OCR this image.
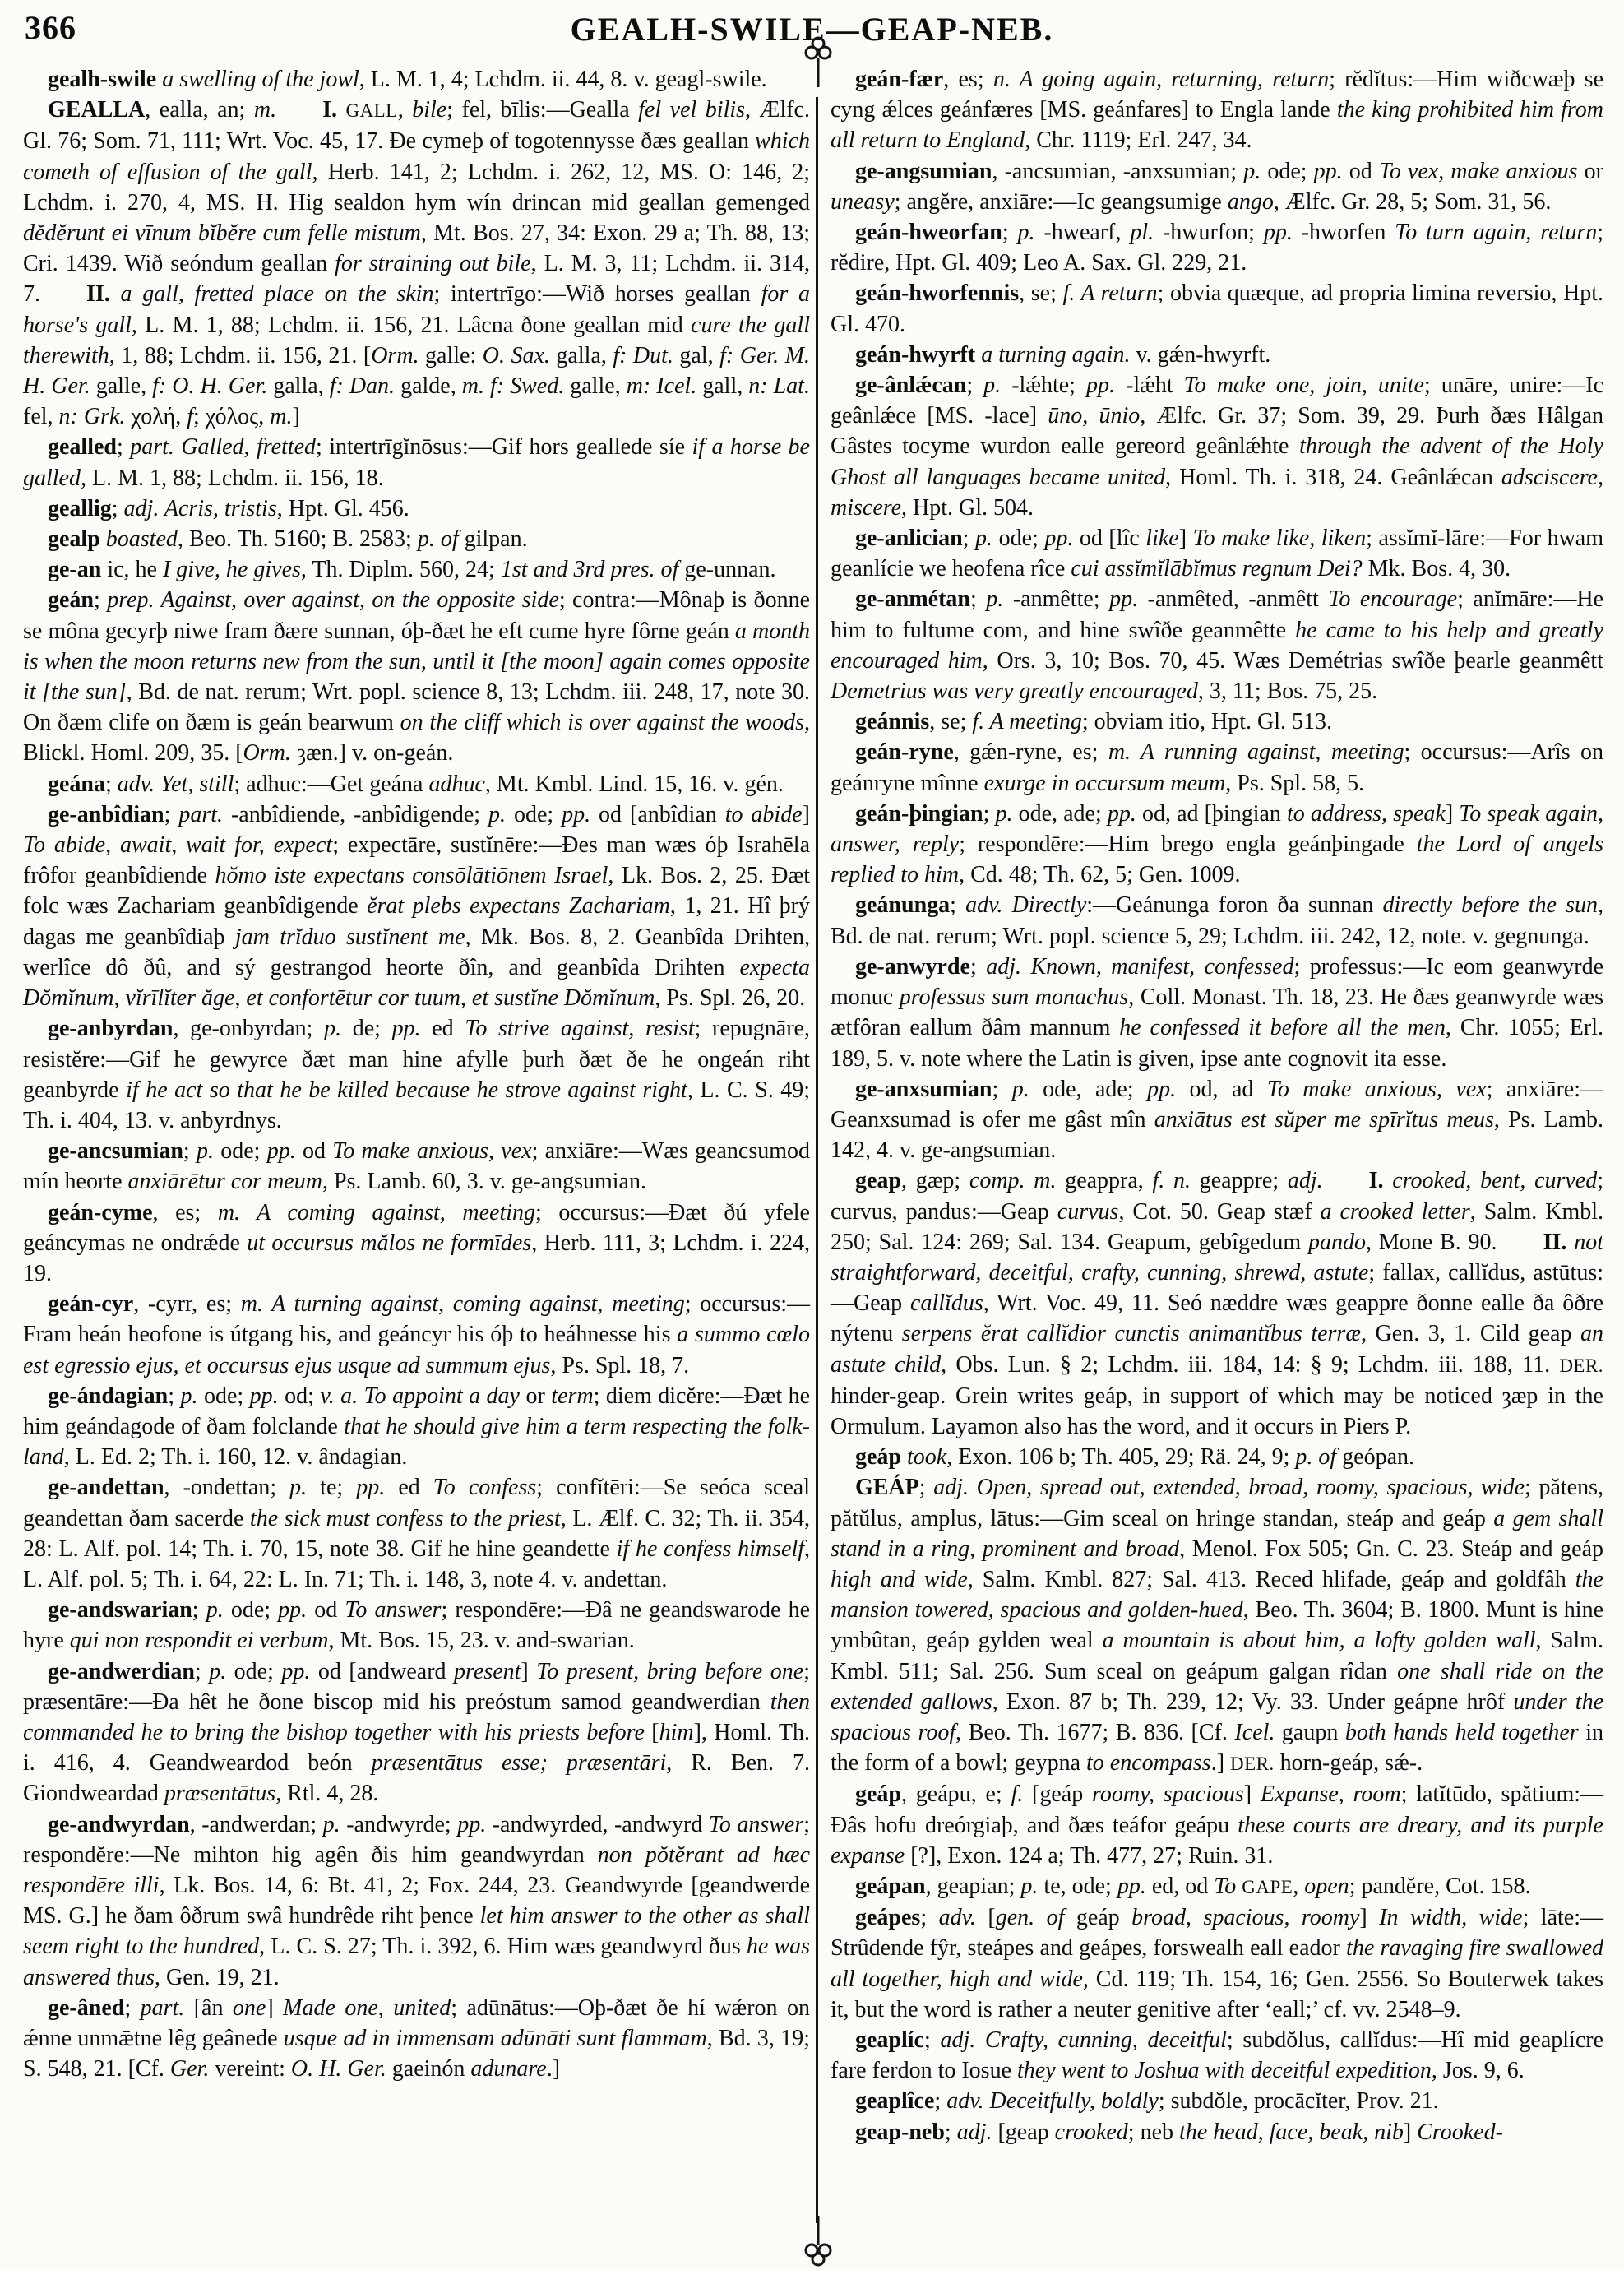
366	GEALH-SWILE—GEAP-NEB.

gealh-swile a swelling of the jowl, L. M. 1, 4; Lchdm. ii. 44, 8. v. geagl-swile.

GEALLA, ealla, an; m.   I. GALL, bile; fel, bīlis:—Gealla fel vel bilis, Ælfc. Gl. 76; Som. 71, 111; Wrt. Voc. 45, 17. Ðe cymeþ of togotennysse ðæs geallan which cometh of effusion of the gall, Herb. 141, 2; Lchdm. i. 262, 12, MS. O: 146, 2; Lchdm. i. 270, 4, MS. H. Hig sealdon hym wín drincan mid geallan gemenged dĕdĕrunt ei vīnum bĭbĕre cum felle mistum, Mt. Bos. 27, 34: Exon. 29 a; Th. 88, 13; Cri. 1439. Wið seóndum geallan for straining out bile, L. M. 3, 11; Lchdm. ii. 314, 7.  II. a gall, fretted place on the skin; intertrīgo:—Wið horses geallan for a horse's gall, L. M. 1, 88; Lchdm. ii. 156, 21. Lâcna ðone geallan mid cure the gall therewith, 1, 88; Lchdm. ii. 156, 21. [Orm. galle: O. Sax. galla, f: Dut. gal, f: Ger. M. H. Ger. galle, f: O. H. Ger. galla, f: Dan. galde, m. f: Swed. galle, m: Icel. gall, n: Lat. fel, n: Grk. χολή, f; χόλος, m.]

gealled; part. Galled, fretted; intertrīgĭnōsus:—Gif hors geallede síe if a horse be galled, L. M. 1, 88; Lchdm. ii. 156, 18.

geallig; adj. Acris, tristis, Hpt. Gl. 456.

gealp boasted, Beo. Th. 5160; B. 2583; p. of gilpan.

ge-an ic, he I give, he gives, Th. Diplm. 560, 24; 1st and 3rd pres. of ge-unnan.

geán; prep. Against, over against, on the opposite side; contra:—Mônaþ is ðonne se môna gecyrþ niwe fram ðære sunnan, óþ-ðæt he eft cume hyre fôrne geán a month is when the moon returns new from the sun, until it [the moon] again comes opposite it [the sun], Bd. de nat. rerum; Wrt. popl. science 8, 13; Lchdm. iii. 248, 17, note 30. On ðæm clife on ðæm is geán bearwum on the cliff which is over against the woods, Blickl. Homl. 209, 35. [Orm. ȝæn.] v. on-geán.

geána; adv. Yet, still; adhuc:—Get geána adhuc, Mt. Kmbl. Lind. 15, 16. v. gén.

ge-anbîdian; part. -anbîdiende, -anbîdigende; p. ode; pp. od [anbîdian to abide] To abide, await, wait for, expect; expectāre, sustĭnēre:—Ðes man wæs óþ Israhēla frôfor geanbîdiende hŏmo iste expectans consōlātiōnem Israel, Lk. Bos. 2, 25. Ðæt folc wæs Zachariam geanbîdigende ĕrat plebs expectans Zachariam, 1, 21. Hî þrý dagas me geanbîdiaþ jam trĭduo sustĭnent me, Mk. Bos. 8, 2. Geanbîda Drihten, werlîce dô ðû, and sý gestrangod heorte ðîn, and geanbîda Drihten expecta Dŏmĭnum, vĭrīlĭter ăge, et confortētur cor tuum, et sustĭne Dŏmĭnum, Ps. Spl. 26, 20.

ge-anbyrdan, ge-onbyrdan; p. de; pp. ed To strive against, resist; repugnāre, resistĕre:—Gif he gewyrce ðæt man hine afylle þurh ðæt ðe he ongeán riht geanbyrde if he act so that he be killed because he strove against right, L. C. S. 49; Th. i. 404, 13. v. anbyrdnys.

ge-ancsumian; p. ode; pp. od To make anxious, vex; anxiāre:—Wæs geancsumod mín heorte anxiārētur cor meum, Ps. Lamb. 60, 3. v. ge-angsumian.

geán-cyme, es; m. A coming against, meeting; occursus:—Ðæt ðú yfele geáncymas ne ondrǽde ut occursus mălos ne formīdes, Herb. 111, 3; Lchdm. i. 224, 19.

geán-cyr, -cyrr, es; m. A turning against, coming against, meeting; occursus:—Fram heán heofone is útgang his, and geáncyr his óþ to heáhnesse his a summo cœlo est egressio ejus, et occursus ejus usque ad summum ejus, Ps. Spl. 18, 7.

ge-ándagian; p. ode; pp. od; v. a. To appoint a day or term; diem dicĕre:—Ðæt he him geándagode of ðam folclande that he should give him a term respecting the folk-land, L. Ed. 2; Th. i. 160, 12. v. ândagian.

ge-andettan, -ondettan; p. te; pp. ed To confess; confĭtēri:—Se seóca sceal geandettan ðam sacerde the sick must confess to the priest, L. Ælf. C. 32; Th. ii. 354, 28: L. Alf. pol. 14; Th. i. 70, 15, note 38. Gif he hine geandette if he confess himself, L. Alf. pol. 5; Th. i. 64, 22: L. In. 71; Th. i. 148, 3, note 4. v. andettan.

ge-andswarian; p. ode; pp. od To answer; respondēre:—Ðâ ne geandswarode he hyre qui non respondit ei verbum, Mt. Bos. 15, 23. v. and-swarian.

ge-andwerdian; p. ode; pp. od [andweard present] To present, bring before one; præsentāre:—Ða hêt he ðone biscop mid his preóstum samod geandwerdian then commanded he to bring the bishop together with his priests before [him], Homl. Th. i. 416, 4. Geandweardod beón præsentātus esse; præsentāri, R. Ben. 7. Giondweardad præsentātus, Rtl. 4, 28.

ge-andwyrdan, -andwerdan; p. -andwyrde; pp. -andwyrded, -andwyrd To answer; respondĕre:—Ne mihton hig agên ðis him geandwyrdan non pŏtĕrant ad hæc respondēre illi, Lk. Bos. 14, 6: Bt. 41, 2; Fox. 244, 23. Geandwyrde [geandwerde MS. G.] he ðam ôðrum swâ hundrêde riht þence let him answer to the other as shall seem right to the hundred, L. C. S. 27; Th. i. 392, 6. Him wæs geandwyrd ðus he was answered thus, Gen. 19, 21.

ge-âned; part. [ân one] Made one, united; adūnātus:—Oþ-ðæt ðe hí wǽron on ǽnne unmǣtne lêg geânede usque ad in immensam adūnāti sunt flammam, Bd. 3, 19; S. 548, 21. [Cf. Ger. vereint: O. H. Ger. gaeinón adunare.]

geán-fær, es; n. A going again, returning, return; rĕdĭtus:—Him wiðcwæþ se cyng ǽlces geánfæres [MS. geánfares] to Engla lande the king prohibited him from all return to England, Chr. 1119; Erl. 247, 34.

ge-angsumian, -ancsumian, -anxsumian; p. ode; pp. od To vex, make anxious or uneasy; angĕre, anxiāre:—Ic geangsumige ango, Ælfc. Gr. 28, 5; Som. 31, 56.

geán-hweorfan; p. -hwearf, pl. -hwurfon; pp. -hworfen To turn again, return; rĕdire, Hpt. Gl. 409; Leo A. Sax. Gl. 229, 21.

geán-hworfennis, se; f. A return; obvia quæque, ad propria limina reversio, Hpt. Gl. 470.

geán-hwyrft a turning again. v. gǽn-hwyrft.

ge-ânlǽcan; p. -lǽhte; pp. -lǽht To make one, join, unite; unāre, unire:—Ic geânlǽce [MS. -lace] ūno, ūnio, Ælfc. Gr. 37; Som. 39, 29. Þurh ðæs Hâlgan Gâstes tocyme wurdon ealle gereord geânlǽhte through the advent of the Holy Ghost all languages became united, Homl. Th. i. 318, 24. Geânlǽcan adsciscere, miscere, Hpt. Gl. 504.

ge-anlician; p. ode; pp. od [lîc like] To make like, liken; assĭmĭ-lāre:—For hwam geanlície we heofena rîce cui assĭmĭlābĭmus regnum Dei? Mk. Bos. 4, 30.

ge-anmétan; p. -anmêtte; pp. -anmêted, -anmêtt To encourage; anĭmāre:—He him to fultume com, and hine swîðe geanmêtte he came to his help and greatly encouraged him, Ors. 3, 10; Bos. 70, 45. Wæs Demétrias swîðe þearle geanmêtt Demetrius was very greatly encouraged, 3, 11; Bos. 75, 25.

geánnis, se; f. A meeting; obviam itio, Hpt. Gl. 513.

geán-ryne, gǽn-ryne, es; m. A running against, meeting; occursus:—Arîs on geánryne mînne exurge in occursum meum, Ps. Spl. 58, 5.

geán-þingian; p. ode, ade; pp. od, ad [þingian to address, speak] To speak again, answer, reply; respondēre:—Him brego engla geánþingade the Lord of angels replied to him, Cd. 48; Th. 62, 5; Gen. 1009.

geánunga; adv. Directly:—Geánunga foron ða sunnan directly before the sun, Bd. de nat. rerum; Wrt. popl. science 5, 29; Lchdm. iii. 242, 12, note. v. gegnunga.

ge-anwyrde; adj. Known, manifest, confessed; professus:—Ic eom geanwyrde monuc professus sum monachus, Coll. Monast. Th. 18, 23. He ðæs geanwyrde wæs ætfôran eallum ðâm mannum he confessed it before all the men, Chr. 1055; Erl. 189, 5. v. note where the Latin is given, ipse ante cognovit ita esse.

ge-anxsumian; p. ode, ade; pp. od, ad To make anxious, vex; anxiāre:—Geanxsumad is ofer me gâst mîn anxiātus est sŭper me spīrĭtus meus, Ps. Lamb. 142, 4. v. ge-angsumian.

geap, gæp; comp. m. geappra, f. n. geappre; adj.   I. crooked, bent, curved; curvus, pandus:—Geap curvus, Cot. 50. Geap stæf a crooked letter, Salm. Kmbl. 250; Sal. 124: 269; Sal. 134. Geapum, gebîgedum pando, Mone B. 90.  II. not straightforward, deceitful, crafty, cunning, shrewd, astute; fallax, callĭdus, astūtus:—Geap callĭdus, Wrt. Voc. 49, 11. Seó næddre wæs geappre ðonne ealle ða ôðre nýtenu serpens ĕrat callĭdior cunctis animantĭbus terræ, Gen. 3, 1. Cild geap an astute child, Obs. Lun. § 2; Lchdm. iii. 184, 14: § 9; Lchdm. iii. 188, 11. DER. hinder-geap. Grein writes geáp, in support of which may be noticed ȝæp in the Ormulum. Layamon also has the word, and it occurs in Piers P.

geáp took, Exon. 106 b; Th. 405, 29; Rä. 24, 9; p. of geópan.

GEÁP; adj. Open, spread out, extended, broad, roomy, spacious, wide; pătens, pătŭlus, amplus, lātus:—Gim sceal on hringe standan, steáp and geáp a gem shall stand in a ring, prominent and broad, Menol. Fox 505; Gn. C. 23. Steáp and geáp high and wide, Salm. Kmbl. 827; Sal. 413. Reced hlifade, geáp and goldfâh the mansion towered, spacious and golden-hued, Beo. Th. 3604; B. 1800. Munt is hine ymbûtan, geáp gylden weal a mountain is about him, a lofty golden wall, Salm. Kmbl. 511; Sal. 256. Sum sceal on geápum galgan rîdan one shall ride on the extended gallows, Exon. 87 b; Th. 239, 12; Vy. 33. Under geápne hrôf under the spacious roof, Beo. Th. 1677; B. 836. [Cf. Icel. gaupn both hands held together in the form of a bowl; geypna to encompass.] DER. horn-geáp, sǽ-.

geáp, geápu, e; f. [geáp roomy, spacious] Expanse, room; latĭtūdo, spătium:—Ðâs hofu dreórgiaþ, and ðæs teáfor geápu these courts are dreary, and its purple expanse [?], Exon. 124 a; Th. 477, 27; Ruin. 31.

geápan, geapian; p. te, ode; pp. ed, od To GAPE, open; pandĕre, Cot. 158.

geápes; adv. [gen. of geáp broad, spacious, roomy] In width, wide; lāte:—Strûdende fŷr, steápes and geápes, forswealh eall eador the ravaging fire swallowed all together, high and wide, Cd. 119; Th. 154, 16; Gen. 2556. So Bouterwek takes it, but the word is rather a neuter genitive after ‘eall;’ cf. vv. 2548–9.

geaplíc; adj. Crafty, cunning, deceitful; subdŏlus, callĭdus:—Hî mid geaplícre fare ferdon to Iosue they went to Joshua with deceitful expedition, Jos. 9, 6.

geaplîce; adv. Deceitfully, boldly; subdŏle, procācĭter, Prov. 21.

geap-neb; adj. [geap crooked; neb the head, face, beak, nib] Crooked-
